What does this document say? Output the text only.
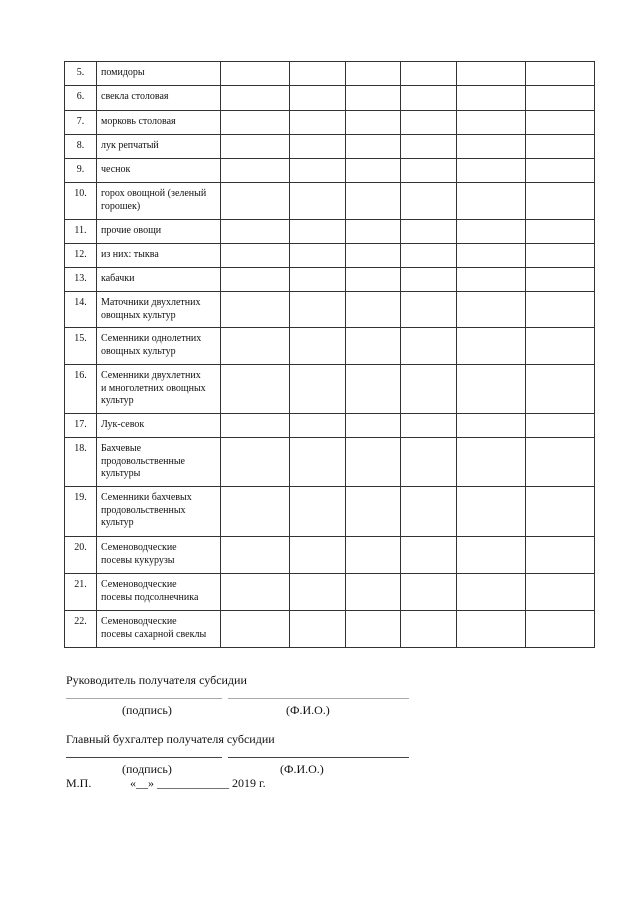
5.	помидоры						
6.	свекла столовая						
7.	морковь столовая						
8.	лук репчатый						
9.	чеснок						
10.	горох овощной (зеленый
горошек)						
11.	прочие овощи						
12.	из них: тыква						
13.	кабачки						
14.	Маточники двухлетних
овощных культур						
15.	Семенники однолетних
овощных культур						
16.	Семенники двухлетних
и многолетних овощных
культур						
17.	Лук-севок						
18.	Бахчевые
продовольственные
культуры						
19.	Семенники бахчевых
продовольственных
культур						
20.	Семеноводческие
посевы кукурузы						
21.	Семеноводческие
посевы подсолнечника						
22.	Семеноводческие
посевы сахарной свеклы						
Руководитель получателя субсидии
(подпись)	(Ф.И.О.)
Главный бухгалтер получателя субсидии
(подпись)	(Ф.И.О.)
М.П.	«__» ____________ 2019 г.
